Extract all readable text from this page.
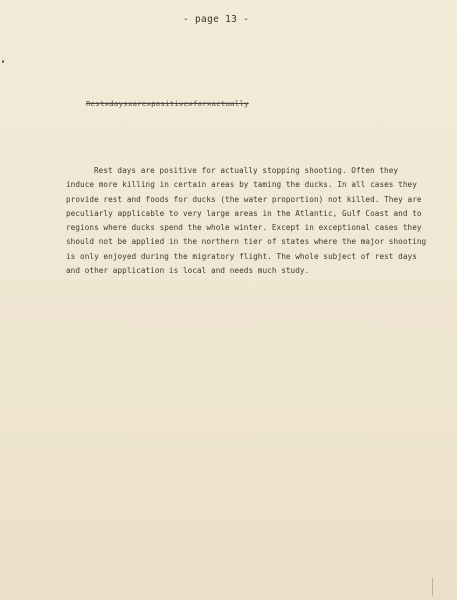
- page 13 -
Restxdaysxarexpositivexforxactually
Rest days are positive for actually stopping shooting. Often they
induce more killing in certain areas by taming the ducks. In all cases they
provide rest and foods for ducks (the water proportion) not killed. They are
peculiarly applicable to very large areas in the Atlantic, Gulf Coast and to
regions where ducks spend the whole winter. Except in exceptional cases they
should not be applied in the northern tier of states where the major shooting
is only enjoyed during the migratory flight. The whole subject of rest days
and other application is local and needs much study.
